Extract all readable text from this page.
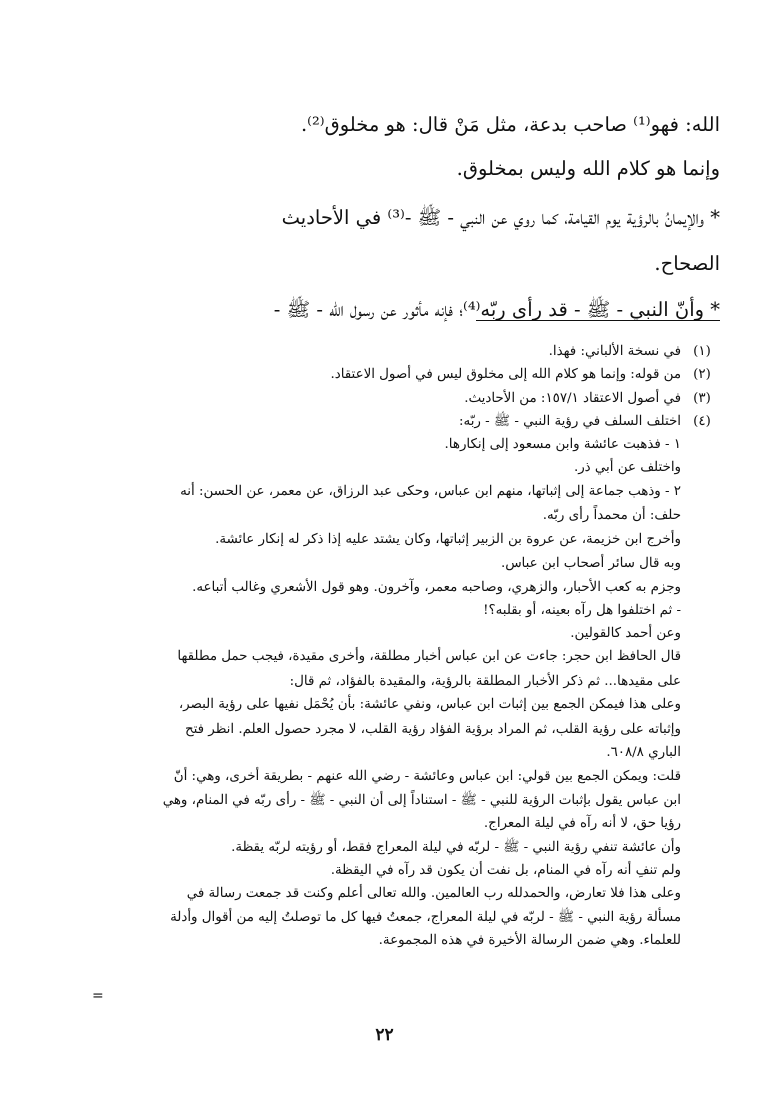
الله: فهو⁽¹⁾ صاحب بدعة، مثل مَنْ قال: هو مخلوق⁽²⁾.
وإنما هو كلام الله وليس بمخلوق.
* والإيمانُ بالرؤية يوم القيامة، كما روي عن النبي - ﷺ -⁽³⁾ في الأحاديث
الصحاح.
* وأنّ النبي - ﷺ - قد رأى ربّه⁽⁴⁾؛ فإنه مأثور عن رسول الله - ﷺ -
(١)
في نسخة الألباني: فهذا.
(٢)
من قوله: وإنما هو كلام الله إلى مخلوق ليس في أصول الاعتقاد.
(٣)
في أصول الاعتقاد ١٥٧/١: من الأحاديث.
(٤)
اختلف السلف في رؤية النبي - ﷺ - ربّه:
١ - فذهبت عائشة وابن مسعود إلى إنكارها.
واختلف عن أبي ذر.
٢ - وذهب جماعة إلى إثباتها، منهم ابن عباس، وحكى عبد الرزاق، عن معمر، عن الحسن: أنه
حلف: أن محمداً رأى ربّه.
وأخرج ابن خزيمة، عن عروة بن الزبير إثباتها، وكان يشتد عليه إذا ذكر له إنكار عائشة.
وبه قال سائر أصحاب ابن عباس.
وجزم به كعب الأحبار، والزهري، وصاحبه معمر، وآخرون. وهو قول الأشعري وغالب أتباعه.
- ثم اختلفوا هل رآه بعينه، أو بقلبه؟!
وعن أحمد كالقولين.
قال الحافظ ابن حجر: جاءت عن ابن عباس أخبار مطلقة، وأخرى مقيدة، فيجب حمل مطلقها
على مقيدها... ثم ذكر الأخبار المطلقة بالرؤية، والمقيدة بالفؤاد، ثم قال:
وعلى هذا فيمكن الجمع بين إثبات ابن عباس، ونفي عائشة: بأن يُحْمَل نفيها على رؤية البصر،
وإثباته على رؤية القلب، ثم المراد برؤية الفؤاد رؤية القلب، لا مجرد حصول العلم. انظر فتح
الباري ٦٠٨/٨.
قلت: ويمكن الجمع بين قولي: ابن عباس وعائشة - رضي الله عنهم - بطريقة أخرى، وهي: أنّ
ابن عباس يقول بإثبات الرؤية للنبي - ﷺ - استناداً إلى أن النبي - ﷺ - رأى ربّه في المنام، وهي
رؤيا حق، لا أنه رآه في ليلة المعراج.
وأن عائشة تنفي رؤية النبي - ﷺ - لربّه في ليلة المعراج فقط، أو رؤيته لربّه يقظة.
ولم تنفِ أنه رآه في المنام، بل نفت أن يكون قد رآه في اليقظة.
وعلى هذا فلا تعارض، والحمدلله رب العالمين. والله تعالى أعلم وكنت قد جمعت رسالة في
مسألة رؤية النبي - ﷺ - لربّه في ليلة المعراج، جمعتُ فيها كل ما توصلتُ إليه من أقوال وأدلة
للعلماء. وهي ضمن الرسالة الأخيرة في هذه المجموعة.
=
٢٢
